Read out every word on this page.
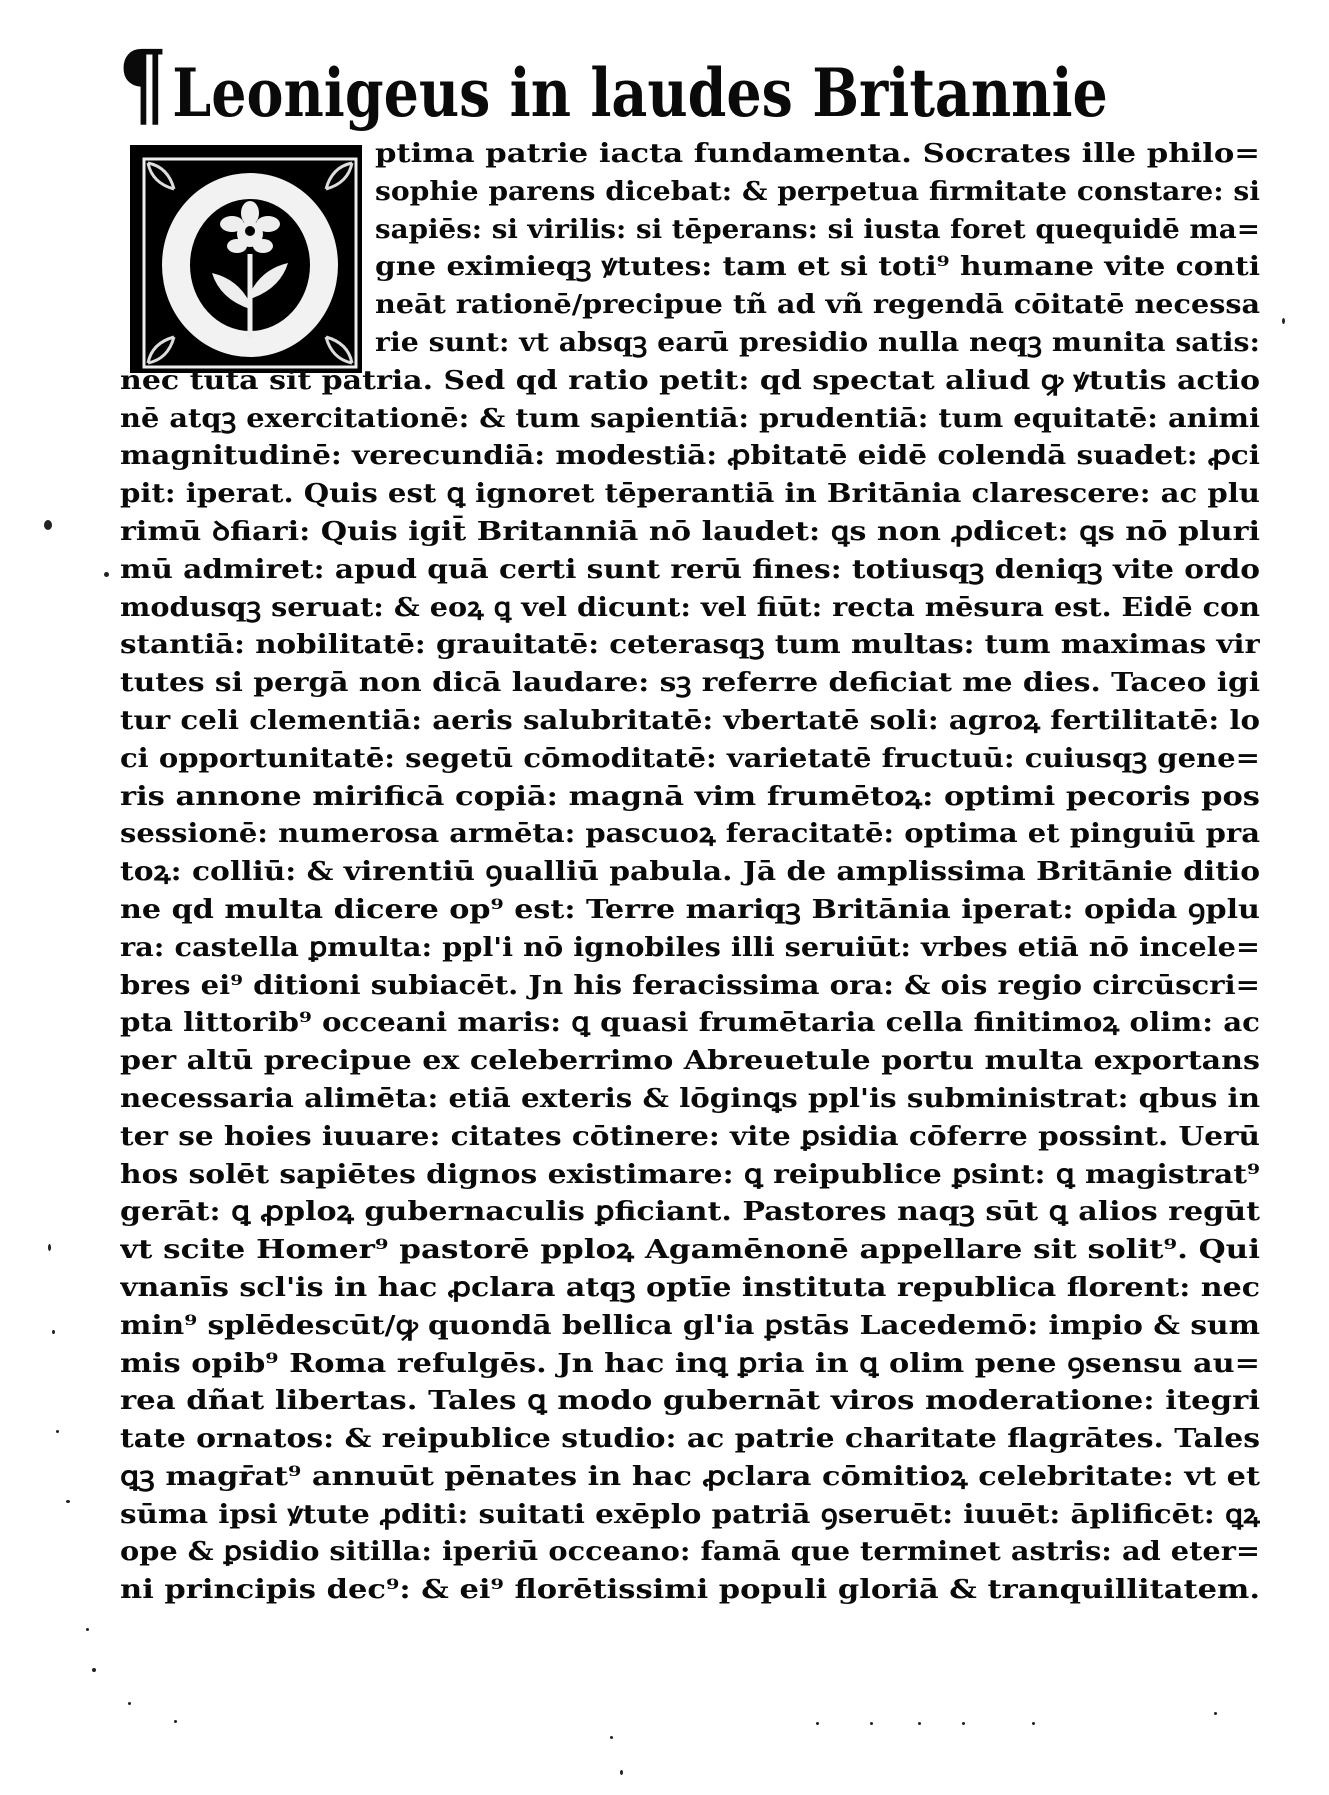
¶Leonigeus in laudes Britannie
ptima patrie iacta fundamenta. Socrates ille philo=
sophie parens dicebat: & perpetua firmitate constare: si
sapiēs: si virilis: si tēperans: si iusta foret quequidē ma=
gne eximieqꝫ ꝟtutes: tam et si toti⁹ humane vite conti
neāt rationē/precipue tñ ad vñ regendā cōitatē necessa
rie sunt: vt absqꝫ earū presidio nulla neqꝫ munita satis:
nec tuta sit patria. Sed qd ratio petit: qd spectat aliud ꝙ ꝟtutis actio
nē atqꝫ exercitationē: & tum sapientiā: prudentiā: tum equitatē: animi
magnitudinē: verecundiā: modestiā: ꝓbitatē eidē colendā suadet: ꝓci
pit: iperat. Quis est ꝗ ignoret tēperantiā in Britānia clarescere: ac plu
rimū ꝺfiari: Quis igit̄ Britanniā nō laudet: ꝗs non ꝓdicet: ꝗs nō pluri
mū admiret: apud quā certi sunt rerū fines: totiusqꝫ deniqꝫ vite ordo
modusqꝫ seruat: & eoꝝ ꝗ vel dicunt: vel fiūt: recta mēsura est. Eidē con
stantiā: nobilitatē: grauitatē: ceterasqꝫ tum multas: tum maximas vir
tutes si pergā non dicā laudare: sꝫ referre deficiat me dies. Taceo igi
tur celi clementiā: aeris salubritatē: vbertatē soli: agroꝝ fertilitatē: lo
ci opportunitatē: segetū cōmoditatē: varietatē fructuū: cuiusqꝫ gene=
ris annone mirificā copiā: magnā vim frumētoꝝ: optimi pecoris pos
sessionē: numerosa armēta: pascuoꝝ feracitatē: optima et pinguiū pra
toꝝ: colliū: & virentiū ꝯualliū pabula. Jā de amplissima Britānie ditio
ne qd multa dicere op⁹ est: Terre mariqꝫ Britānia iperat: opida ꝯplu
ra: castella ꝑmulta: ppl'i nō ignobiles illi seruiūt: vrbes etiā nō incele=
bres ei⁹ ditioni subiacēt. Jn his feracissima ora: & ois regio circūscri=
pta littorib⁹ occeani maris: ꝗ quasi frumētaria cella finitimoꝝ olim: ac
per altū precipue ex celeberrimo Abreuetule portu multa exportans
necessaria alimēta: etiā exteris & lōginꝗs ppl'is subministrat: qbus in
ter se hoies iuuare: citates cōtinere: vite ꝑsidia cōferre possint. Uerū
hos solēt sapiētes dignos existimare: ꝗ reipublice ꝑsint: ꝗ magistrat⁹
gerāt: ꝗ ꝓploꝝ gubernaculis ꝑficiant. Pastores naqꝫ sūt ꝗ alios regūt
vt scite Homer⁹ pastorē pploꝝ Agamēnonē appellare sit solit⁹. Qui
vnanīs scl'is in hac ꝓclara atqꝫ optīe instituta republica florent: nec
min⁹ splēdescūt/ꝙ quondā bellica gl'ia ꝑstās Lacedemō: impio & sum
mis opib⁹ Roma refulgēs. Jn hac inꝗ ꝑria in ꝗ olim pene ꝯsensu au=
rea dñat libertas. Tales ꝗ modo gubernāt viros moderatione: itegri
tate ornatos: & reipublice studio: ac patrie charitate flagrātes. Tales
ꝗꝫ magr̄at⁹ annuūt pēnates in hac ꝓclara cōmitioꝝ celebritate: vt et
sūma ipsi ꝟtute ꝓditi: suitati exēplo patriā ꝯseruēt: iuuēt: āplificēt: ꝗꝝ
ope & ꝑsidio sitilla: iperiū occeano: famā que terminet astris: ad eter=
ni principis dec⁹: & ei⁹ florētissimi populi gloriā & tranquillitatem.
